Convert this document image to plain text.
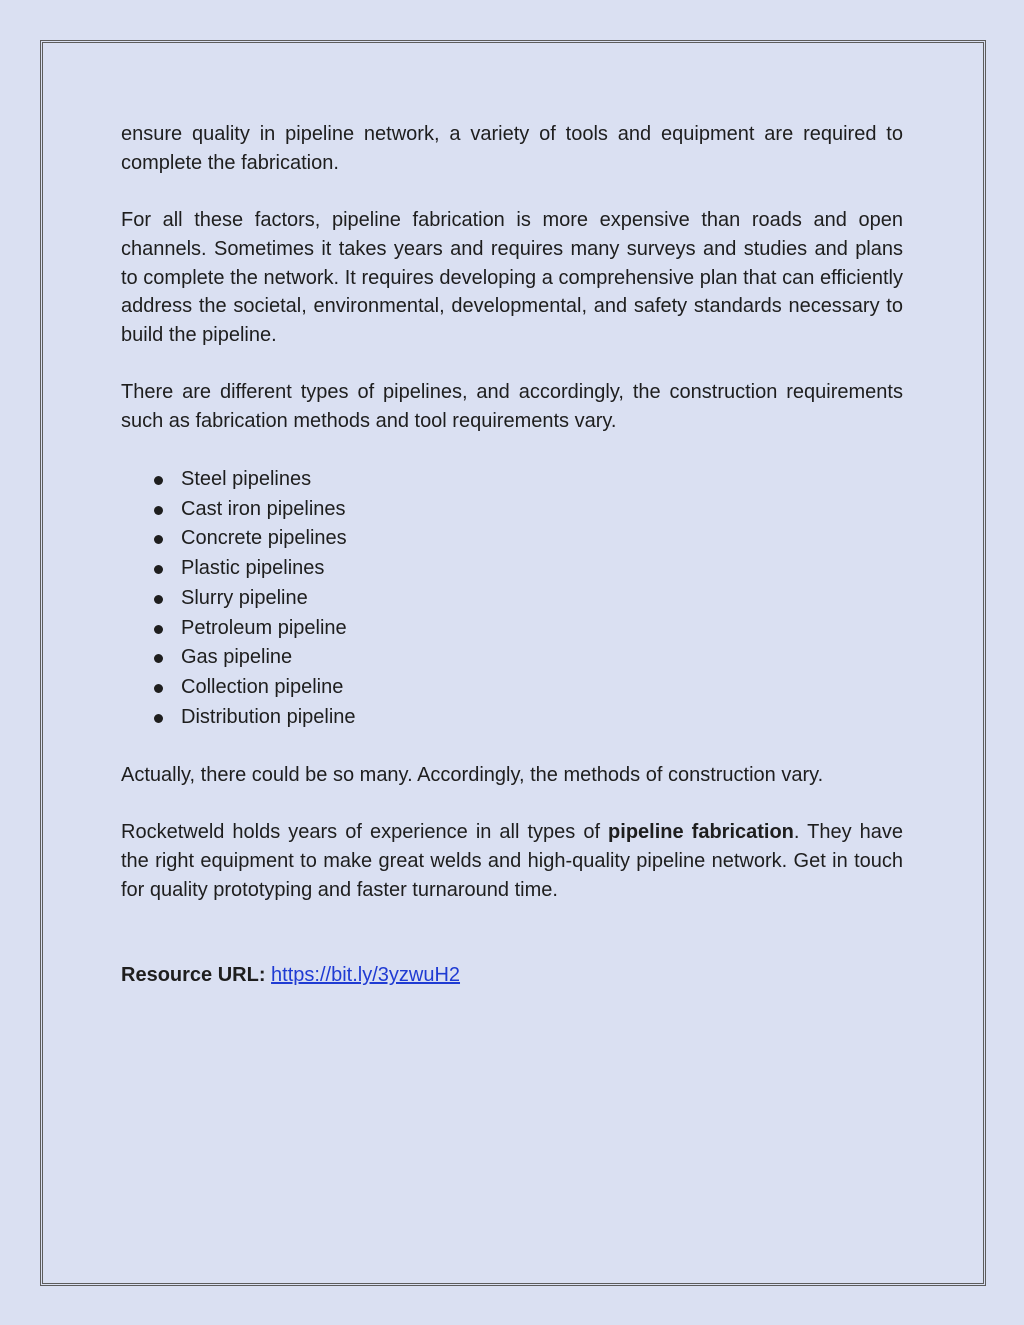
ensure quality in pipeline network, a variety of tools and equipment are required to complete the fabrication.

For all these factors, pipeline fabrication is more expensive than roads and open channels. Sometimes it takes years and requires many surveys and studies and plans to complete the network. It requires developing a comprehensive plan that can efficiently address the societal, environmental, developmental, and safety standards necessary to build the pipeline.

There are different types of pipelines, and accordingly, the construction requirements such as fabrication methods and tool requirements vary.

Steel pipelines
Cast iron pipelines
Concrete pipelines
Plastic pipelines
Slurry pipeline
Petroleum pipeline
Gas pipeline
Collection pipeline
Distribution pipeline

Actually, there could be so many. Accordingly, the methods of construction vary.

Rocketweld holds years of experience in all types of pipeline fabrication. They have the right equipment to make great welds and high-quality pipeline network. Get in touch for quality prototyping and faster turnaround time.

Resource URL: https://bit.ly/3yzwuH2
